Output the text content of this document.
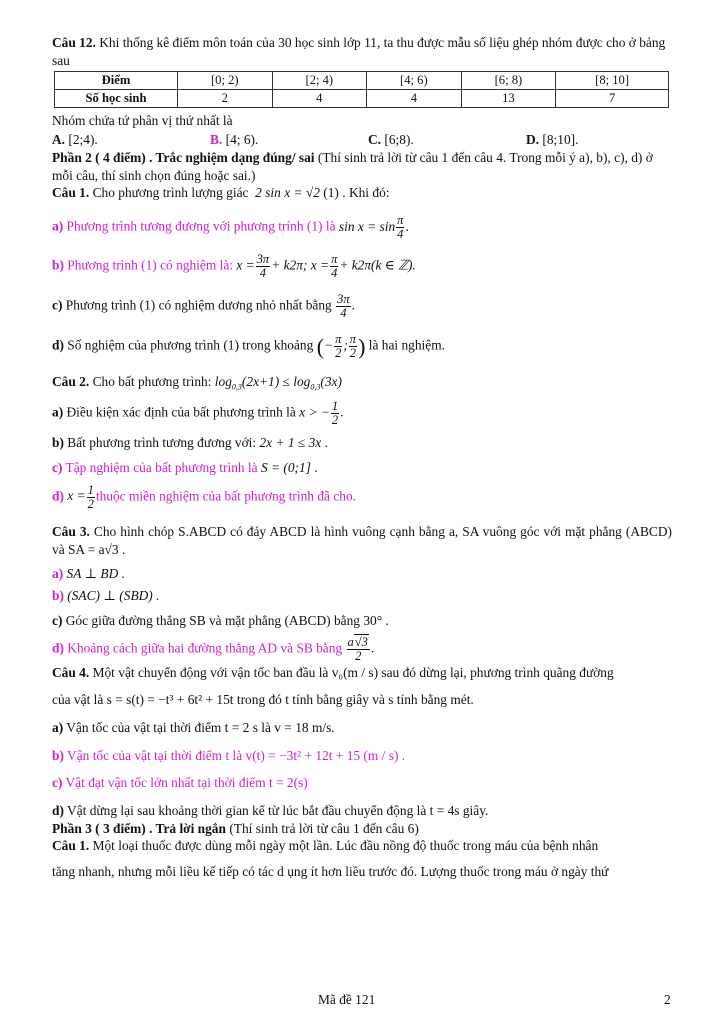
Câu 12. Khi thống kê điểm môn toán của 30 học sinh lớp 11, ta thu được mẫu số liệu ghép nhóm được cho ở bảng sau

Điểm	[0; 2)	[2; 4)	[4; 6)	[6; 8)	[8; 10]
Số học sinh	2	4	4	13	7

Nhóm chứa tứ phân vị thứ nhất là

A. [2;4).	B. [4; 6).	C. [6;8).	D. [8;10].

Phần 2 ( 4 điểm) . Trắc nghiệm dạng đúng/ sai (Thí sinh trả lời từ câu 1 đến câu 4. Trong mỗi ý a), b), c), d) ở mỗi câu, thí sinh chọn đúng hoặc sai.)

Câu 1. Cho phương trình lượng giác 2 sin x = √2 (1) . Khi đó:

a) Phương trình tương đương với phương trính (1) là $\sin x = \sin \frac{\pi}{4}$ .

b) Phương trình (1) có nghiệm là: $x = \frac{3\pi}{4} + k2\pi$; $x = \frac{\pi}{4} + k2\pi(k$ ∈ ℤ).

c) Phương trình (1) có nghiệm dương nhỏ nhất bằng $\frac{3\pi}{4}$ .

d) Số nghiệm của phương trình (1) trong khoảng (− $\frac{\pi}{2}$ ; $\frac{\pi}{2}$ ) là hai nghiệm.

Câu 2. Cho bất phương trình: $\log_{0,3}(2x+1) \le \log_{0,3}(3x)$

a) Điều kiện xác định của bất phương trình là x > − $\frac{1}{2}$ .

b) Bất phương trình tương đương với: 2x + 1 ≤ 3x .

c) Tập nghiệm của bất phương trình là S = (0;1] .

d) $x = \frac{1}{2}$ thuộc miền nghiệm của bất phương trình đã cho.

Câu 3. Cho hình chóp S.ABCD có đáy ABCD là hình vuông cạnh bằng a, SA vuông góc với mặt phẳng (ABCD) và SA = a√3 .

a) SA ⊥ BD .

b) (SAC) ⊥ (SBD) .

c) Góc giữa đường thẳng SB và mặt phẳng (ABCD) bằng 30° .

d) Khoảng cách giữa hai đường thẳng AD và SB bằng $\frac{a√3}{2}$ .

Câu 4. Một vật chuyển động với vận tốc ban đầu là v₀(m / s) sau đó dừng lại, phương trình quãng đường

của vật là s = s(t) = −t³ + 6t² + 15t trong đó t tính bằng giây và s tính bằng mét.

a) Vận tốc của vật tại thời điểm t = 2 s là v = 18 m/s.

b) Vận tốc của vật tại thời điểm t là v(t) = −3t² + 12t + 15 (m / s) .

c) Vật đạt vận tốc lớn nhất tại thời điểm t = 2(s)

d) Vật dừng lại sau khoảng thời gian kể từ lúc bắt đầu chuyển động là t = 4s giây.

Phần 3 ( 3 điểm) . Trả lời ngắn (Thí sinh trả lời từ câu 1 đến câu 6)

Câu 1. Một loại thuốc được dùng mỗi ngày một lần. Lúc đầu nồng độ thuốc trong máu của bệnh nhân

tăng nhanh, nhưng mỗi liều kế tiếp có tác d ụng ít hơn liều trước đó. Lượng thuốc trong máu ở ngày thứ

Mã đề 121	2
